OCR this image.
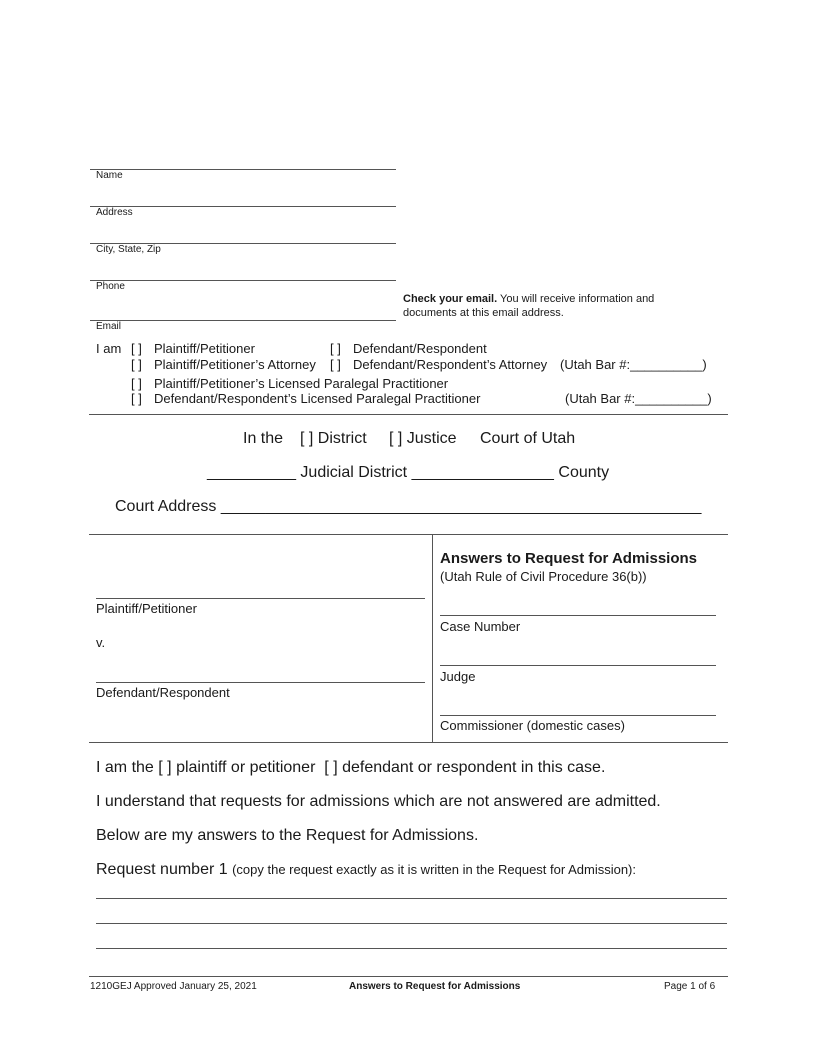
Name
Address
City, State, Zip
Phone
Email
Check your email. You will receive information and
documents at this email address.
I am [ ] Plaintiff/Petitioner	[ ] Defendant/Respondent
[ ] Plaintiff/Petitioner’s Attorney [ ] Defendant/Respondent’s Attorney (Utah Bar #:__________)
[ ] Plaintiff/Petitioner’s Licensed Paralegal Practitioner
[ ] Defendant/Respondent’s Licensed Paralegal Practitioner	(Utah Bar #:__________)
In the [ ] District [ ] Justice Court of Utah
__________ Judicial District ________________ County
Court Address ______________________________________________________
Plaintiff/Petitioner
v.
Defendant/Respondent
Answers to Request for Admissions
(Utah Rule of Civil Procedure 36(b))
Case Number
Judge
Commissioner (domestic cases)
I am the [ ] plaintiff or petitioner [ ] defendant or respondent in this case.
I understand that requests for admissions which are not answered are admitted.
Below are my answers to the Request for Admissions.
Request number 1 (copy the request exactly as it is written in the Request for Admission):
1210GEJ Approved January 25, 2021	Answers to Request for Admissions	Page 1 of 6
